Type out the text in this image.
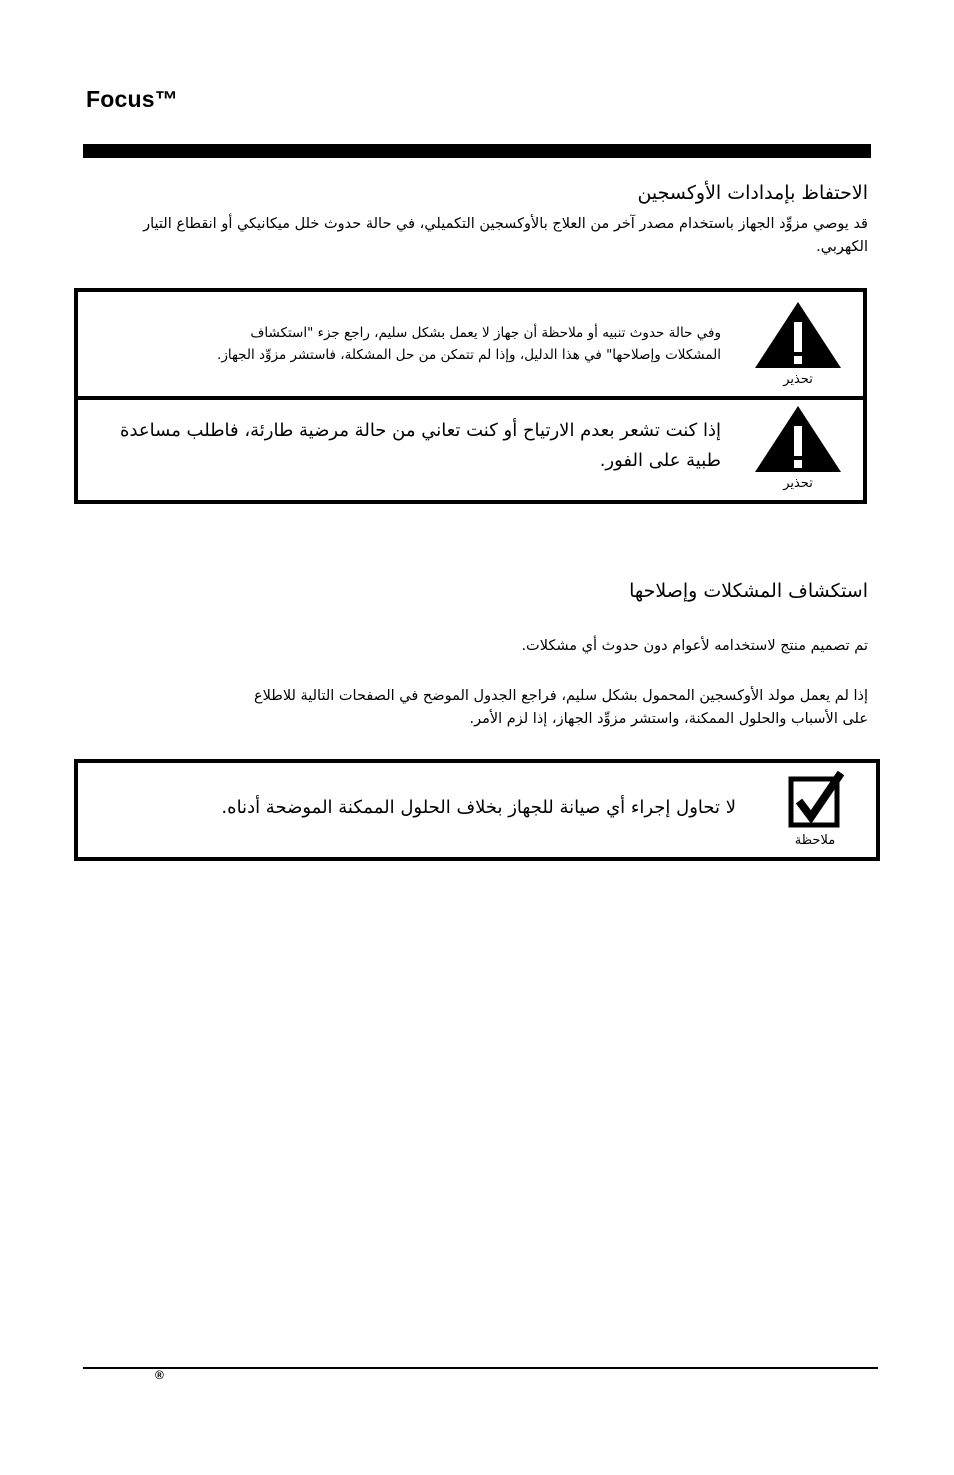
Focus™
الاحتفاظ بإمدادات الأوكسجين
قد يوصي مزوِّد الجهاز باستخدام مصدر آخر من العلاج بالأوكسجين التكميلي، في حالة حدوث خلل ميكانيكي أو انقطاع التيار الكهربي.
وفي حالة حدوث تنبيه أو ملاحظة أن جهاز لا يعمل بشكل سليم، راجع جزء "استكشاف
المشكلات وإصلاحها" في هذا الدليل، وإذا لم تتمكن من حل المشكلة، فاستشر مزوِّد الجهاز.
تحذير
إذا كنت تشعر بعدم الارتياح أو كنت تعاني من حالة مرضية طارئة، فاطلب مساعدة
طبية على الفور.
تحذير
استكشاف المشكلات وإصلاحها
تم تصميم منتج لاستخدامه لأعوام دون حدوث أي مشكلات.
إذا لم يعمل مولد الأوكسجين المحمول بشكل سليم، فراجع الجدول الموضح في الصفحات التالية للاطلاع
على الأسباب والحلول الممكنة، واستشر مزوِّد الجهاز، إذا لزم الأمر.
لا تحاول إجراء أي صيانة للجهاز بخلاف الحلول الممكنة الموضحة أدناه.
ملاحظة
®
